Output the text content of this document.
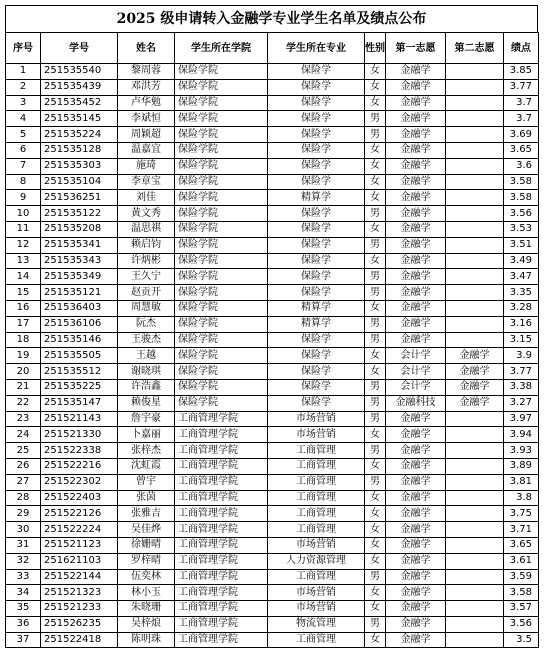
2025 级申请转入金融学专业学生名单及绩点公布
序号	学号	姓名	学生所在学院	学生所在专业	性别	第一志愿	第二志愿	绩点
1	251535540	黎周蓉	保险学院	保险学	女	金融学		3.85
2	251535439	邓洪芳	保险学院	保险学	女	金融学		3.77
3	251535452	卢华勉	保险学院	保险学	女	金融学		3.7
4	251535145	李斌恒	保险学院	保险学	男	金融学		3.7
5	251535224	周颖超	保险学院	保险学	男	金融学		3.69
6	251535128	温嘉宜	保险学院	保险学	女	金融学		3.65
7	251535303	施琦	保险学院	保险学	女	金融学		3.6
8	251535104	李章宝	保险学院	保险学	女	金融学		3.58
9	251536251	刘佳	保险学院	精算学	女	金融学		3.58
10	251535122	黄文秀	保险学院	保险学	男	金融学		3.56
11	251535208	温思祺	保险学院	保险学	女	金融学		3.53
12	251535341	赖启钧	保险学院	保险学	男	金融学		3.51
13	251535343	许炳彬	保险学院	保险学	女	金融学		3.49
14	251535349	王久宁	保险学院	保险学	男	金融学		3.47
15	251535121	赵贡开	保险学院	保险学	男	金融学		3.35
16	251536403	周慧敏	保险学院	精算学	女	金融学		3.28
17	251536106	阮杰	保险学院	精算学	男	金融学		3.16
18	251535146	王骏杰	保险学院	保险学	男	金融学		3.15
19	251535505	王越	保险学院	保险学	女	会计学	金融学	3.9
20	251535512	谢晓琪	保险学院	保险学	女	会计学	金融学	3.77
21	251535225	许浩鑫	保险学院	保险学	男	会计学	金融学	3.38
22	251535147	赖俊星	保险学院	保险学	男	金融科技	金融学	3.27
23	251521143	詹宇豪	工商管理学院	市场营销	男	金融学		3.97
24	251521330	卜嘉丽	工商管理学院	市场营销	女	金融学		3.94
25	251522338	张梓杰	工商管理学院	工商管理	男	金融学		3.93
26	251522216	沈虹霞	工商管理学院	工商管理	女	金融学		3.89
27	251522302	曾宇	工商管理学院	工商管理	男	金融学		3.81
28	251522403	张茵	工商管理学院	工商管理	女	金融学		3.8
29	251522126	张雅吉	工商管理学院	工商管理	女	金融学		3.75
30	251522224	吴佳烨	工商管理学院	工商管理	女	金融学		3.71
31	251521123	徐姗晴	工商管理学院	市场营销	女	金融学		3.65
32	251621103	罗梓晴	工商管理学院	人力资源管理	女	金融学		3.61
33	251522144	伍奕林	工商管理学院	工商管理	男	金融学		3.59
34	251521323	林小玉	工商管理学院	市场营销	女	金融学		3.58
35	251521233	朱晓珊	工商管理学院	市场营销	女	金融学		3.57
36	251526235	吴梓烺	工商管理学院	物流管理	男	金融学		3.56
37	251522418	陈明珠	工商管理学院	工商管理	女	金融学		3.5
